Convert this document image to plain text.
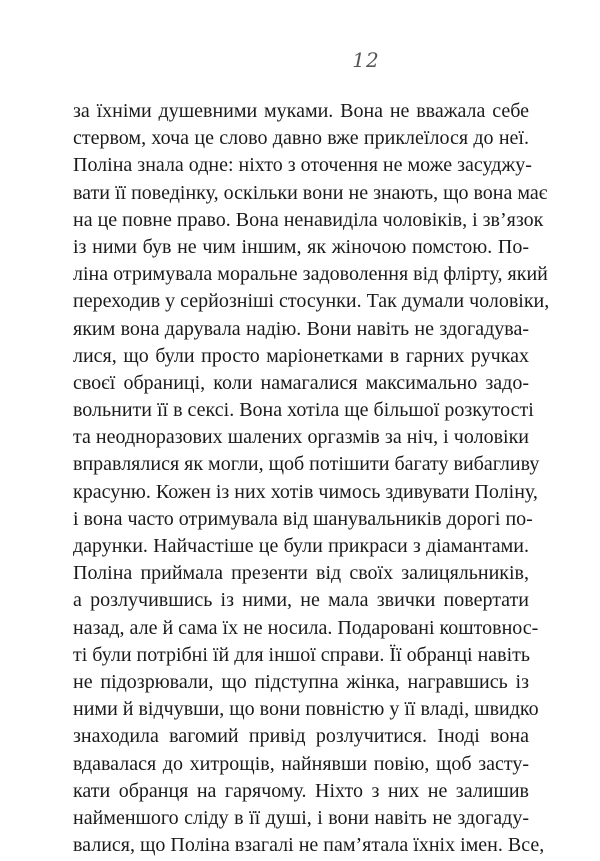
12
за їхніми душевними муками. Вона не вважала себе
стервом, хоча це слово давно вже приклеїлося до неї.
Поліна знала одне: ніхто з оточення не може засуджу-
вати її поведінку, оскільки вони не знають, що вона має
на це повне право. Вона ненавиділа чоловіків, і зв’язок
із ними був не чим іншим, як жіночою помстою. По-
ліна отримувала моральне задоволення від флірту, який
переходив у серйозніші стосунки. Так думали чоловіки,
яким вона дарувала надію. Вони навіть не здогадува-
лися, що були просто маріонетками в гарних ручках
своєї обраниці, коли намагалися максимально задо-
вольнити її в сексі. Вона хотіла ще більшої розкутості
та неодноразових шалених оргазмів за ніч, і чоловіки
вправлялися як могли, щоб потішити багату вибагливу
красуню. Кожен із них хотів чимось здивувати Поліну,
і вона часто отримувала від шанувальників дорогі по-
дарунки. Найчастіше це були прикраси з діамантами.
Поліна приймала презенти від своїх залицяльників,
а розлучившись із ними, не мала звички повертати
назад, але й сама їх не носила. Подаровані коштовнос-
ті були потрібні їй для іншої справи. Її обранці навіть
не підозрювали, що підступна жінка, награвшись із
ними й відчувши, що вони повністю у її владі, швидко
знаходила вагомий привід розлучитися. Іноді вона
вдавалася до хитрощів, найнявши повію, щоб засту-
кати обранця на гарячому. Ніхто з них не залишив
найменшого сліду в її душі, і вони навіть не здогаду-
валися, що Поліна взагалі не пам’ятала їхніх імен. Все,
